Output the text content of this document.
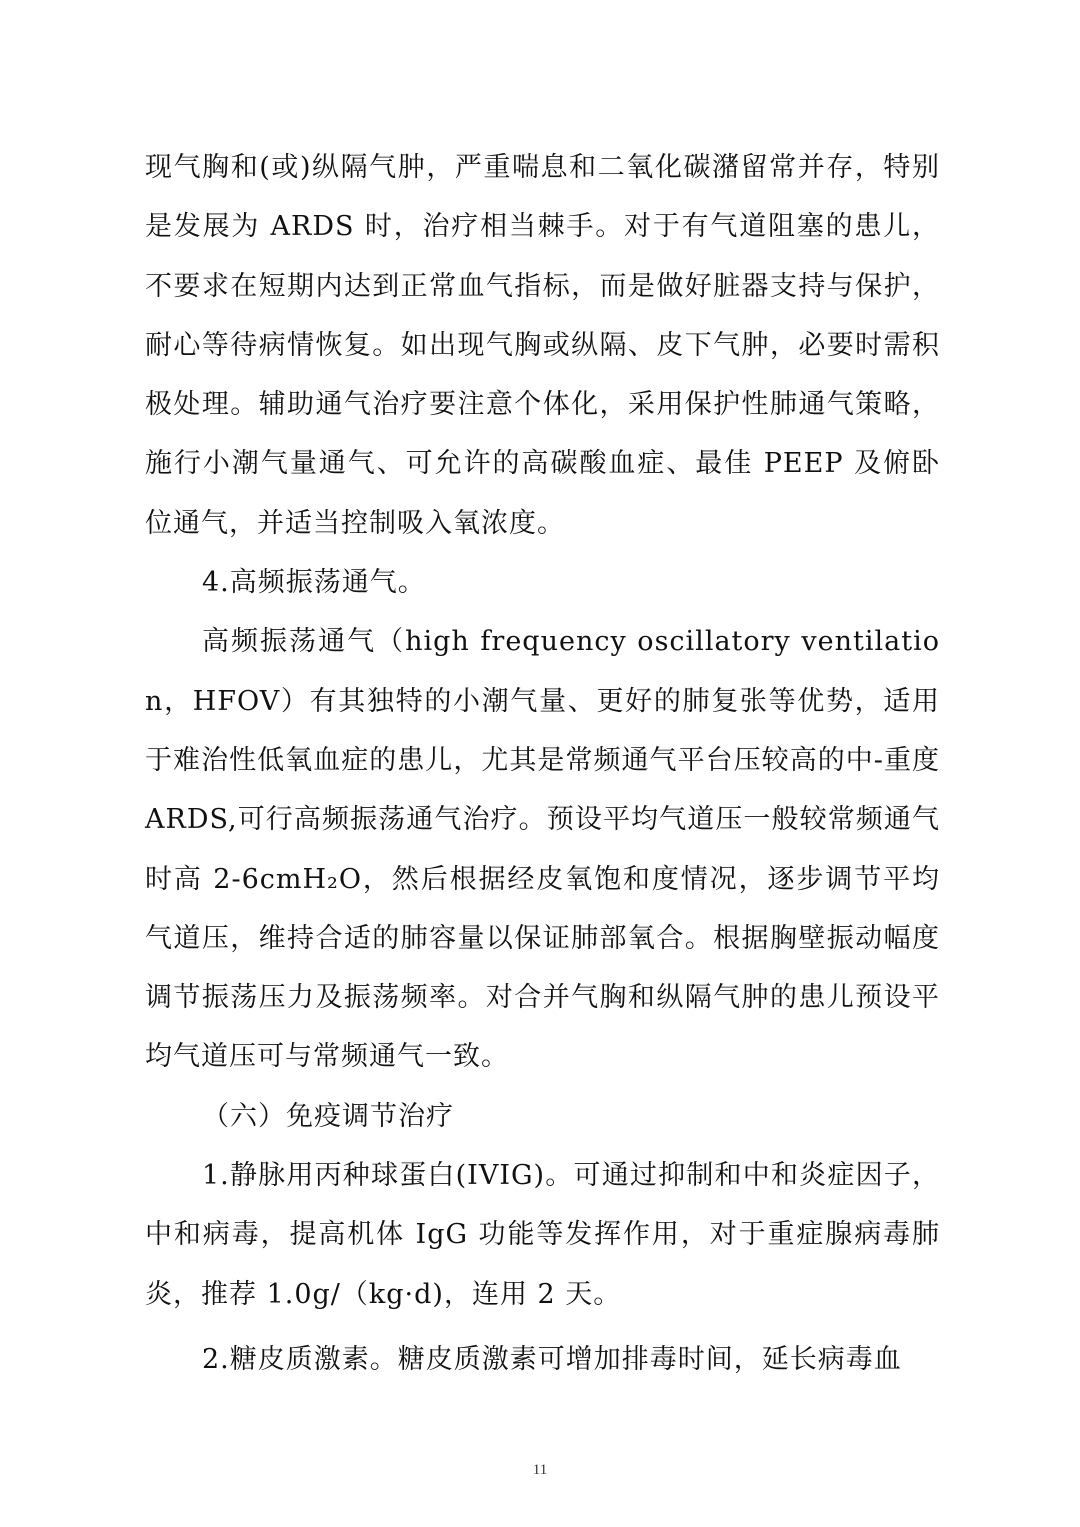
现气胸和(或)纵隔气肿，严重喘息和二氧化碳潴留常并存，特别是发展为 ARDS 时，治疗相当棘手。对于有气道阻塞的患儿，不要求在短期内达到正常血气指标，而是做好脏器支持与保护，耐心等待病情恢复。如出现气胸或纵隔、皮下气肿，必要时需积极处理。辅助通气治疗要注意个体化，采用保护性肺通气策略，施行小潮气量通气、可允许的高碳酸血症、最佳 PEEP 及俯卧位通气，并适当控制吸入氧浓度。

4.高频振荡通气。

高频振荡通气（high frequency oscillatory ventilation，HFOV）有其独特的小潮气量、更好的肺复张等优势，适用于难治性低氧血症的患儿，尤其是常频通气平台压较高的中-重度ARDS,可行高频振荡通气治疗。预设平均气道压一般较常频通气时高 2-6cmH₂O，然后根据经皮氧饱和度情况，逐步调节平均气道压，维持合适的肺容量以保证肺部氧合。根据胸壁振动幅度调节振荡压力及振荡频率。对合并气胸和纵隔气肿的患儿预设平均气道压可与常频通气一致。

（六）免疫调节治疗

1.静脉用丙种球蛋白(IVIG)。可通过抑制和中和炎症因子，中和病毒，提高机体 IgG 功能等发挥作用，对于重症腺病毒肺炎，推荐 1.0g/（kg·d)，连用 2 天。

2.糖皮质激素。糖皮质激素可增加排毒时间，延长病毒血

11
